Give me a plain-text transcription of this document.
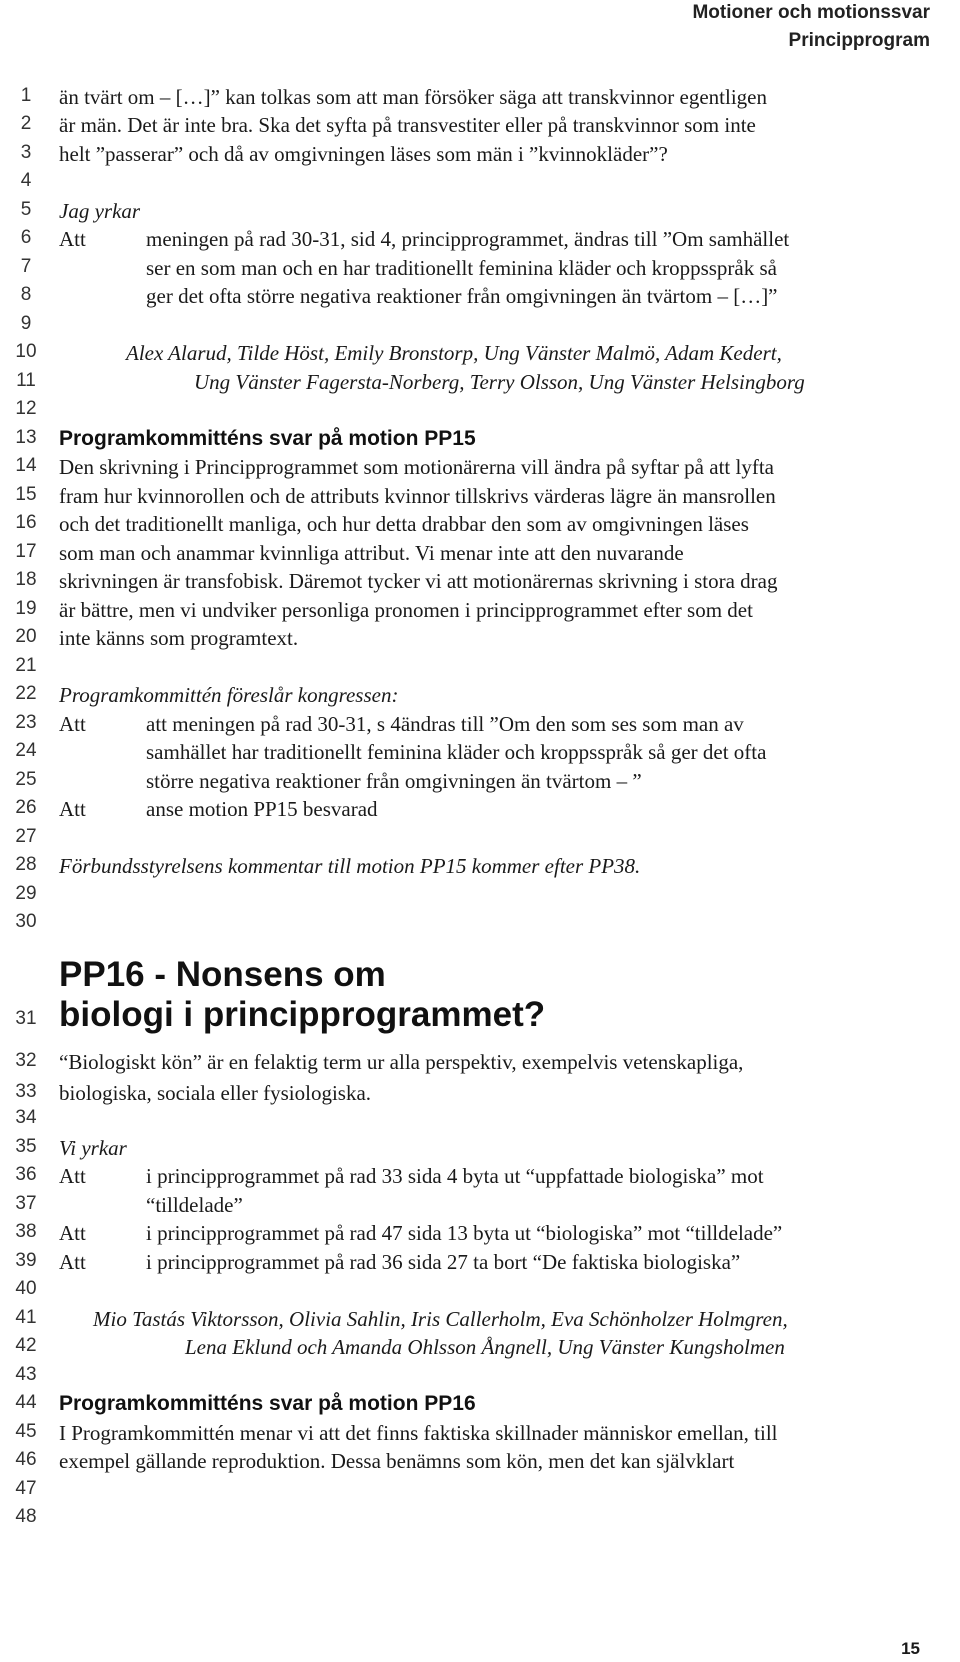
Motioner och motionssvar
Principprogram
1
2
3
4
5
6
7
8
9
10
11
12
13
14
15
16
17
18
19
20
21
22
23
24
25
26
27
28
29
30
31
32
33
34
35
36
37
38
39
40
41
42
43
44
45
46
47
48
än tvärt om – […]” kan tolkas som att man försöker säga att transkvinnor egentligen
är män. Det är inte bra. Ska det syfta på transvestiter eller på transkvinnor som inte
helt ”passerar” och då av omgivningen läses som män i ”kvinnokläder”?
Jag yrkar
Att	meningen på rad 30-31, sid 4, principprogrammet, ändras till ”Om samhället
ser en som man och en har traditionellt feminina kläder och kroppsspråk så
ger det ofta större negativa reaktioner från omgivningen än tvärtom – […]”
Alex Alarud, Tilde Höst, Emily Bronstorp, Ung Vänster Malmö, Adam Kedert,
Ung Vänster Fagersta-Norberg, Terry Olsson, Ung Vänster Helsingborg
Programkommitténs svar på motion PP15
Den skrivning i Principprogrammet som motionärerna vill ändra på syftar på att lyfta
fram hur kvinnorollen och de attributs kvinnor tillskrivs värderas lägre än mansrollen
och det traditionellt manliga, och hur detta drabbar den som av omgivningen läses
som man och anammar kvinnliga attribut. Vi menar inte att den nuvarande
skrivningen är transfobisk. Däremot tycker vi att motionärernas skrivning i stora drag
är bättre, men vi undviker personliga pronomen i principprogrammet efter som det
inte känns som programtext.
Programkommittén föreslår kongressen:
Att	att meningen på rad 30-31, s 4ändras till ”Om den som ses som man av
samhället har traditionellt feminina kläder och kroppsspråk så ger det ofta
större negativa reaktioner från omgivningen än tvärtom – ”
Att	anse motion PP15 besvarad
Förbundsstyrelsens kommentar till motion PP15 kommer efter PP38.
PP16 - Nonsens om
biologi i principprogrammet?
“Biologiskt kön” är en felaktig term ur alla perspektiv, exempelvis vetenskapliga,
biologiska, sociala eller fysiologiska.
Vi yrkar
Att	i principprogrammet på rad 33 sida 4 byta ut “uppfattade biologiska” mot
“tilldelade”
Att	i principprogrammet på rad 47 sida 13 byta ut “biologiska” mot “tilldelade”
Att	i principprogrammet på rad 36 sida 27 ta bort “De faktiska biologiska”
Mio Tastás Viktorsson, Olivia Sahlin, Iris Callerholm, Eva Schönholzer Holmgren,
Lena Eklund och Amanda Ohlsson Ångnell, Ung Vänster Kungsholmen
Programkommitténs svar på motion PP16
I Programkommittén menar vi att det finns faktiska skillnader människor emellan, till
exempel gällande reproduktion. Dessa benämns som kön, men det kan självklart
15
